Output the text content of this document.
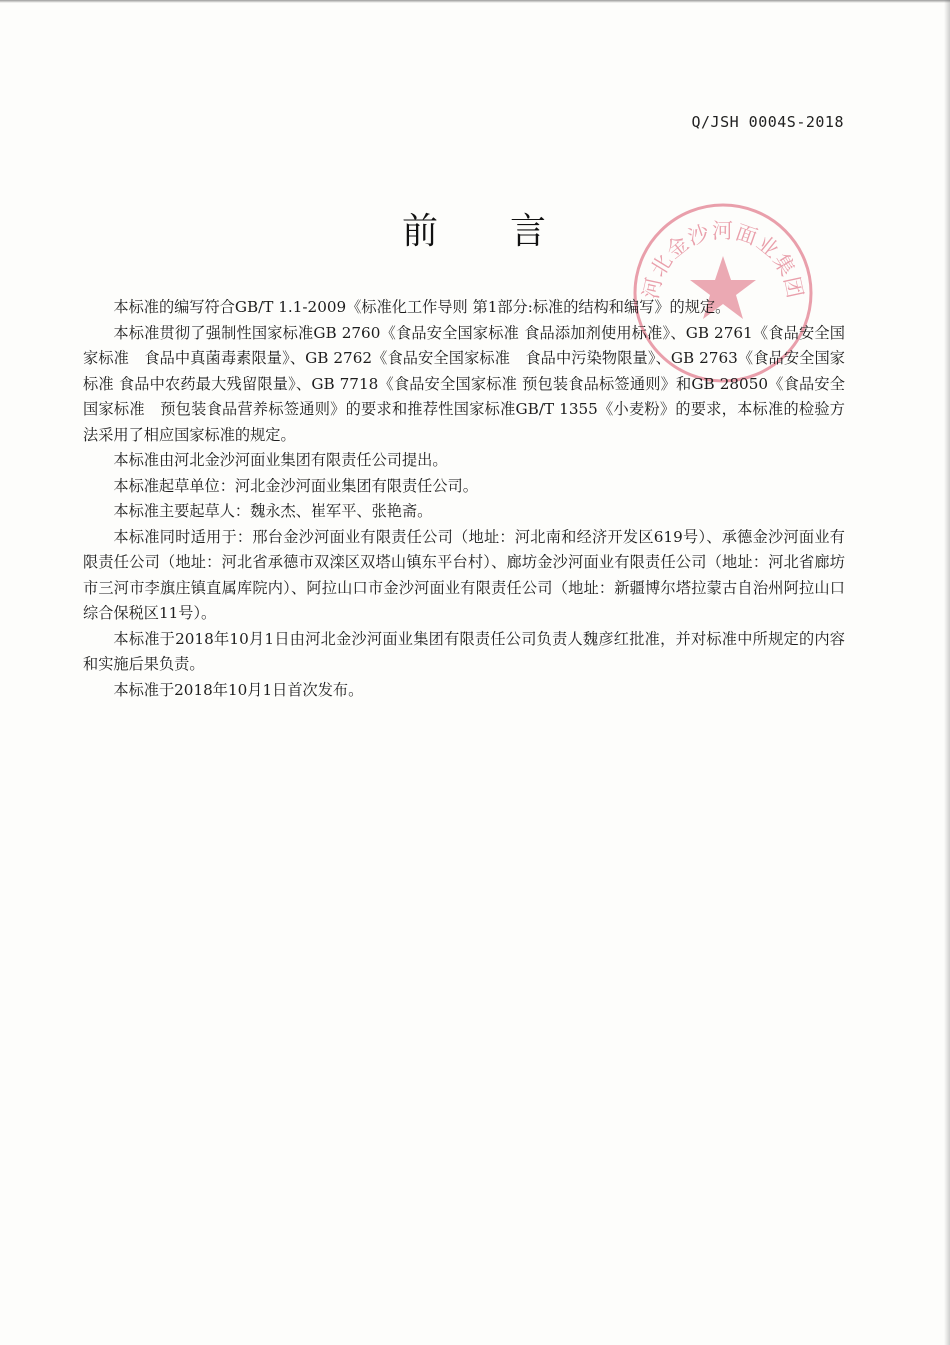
Q/JSH 0004S-2018
前 言
河北金沙河面业集团

本标准的编写符合GB/T 1.1-2009《标准化工作导则 第1部分:标准的结构和编写》的规定。

本标准贯彻了强制性国家标准GB 2760《食品安全国家标准 食品添加剂使用标准》、GB 2761《食品安全国家标准　食品中真菌毒素限量》、GB 2762《食品安全国家标准　食品中污染物限量》、GB 2763《食品安全国家标准 食品中农药最大残留限量》、GB 7718《食品安全国家标准 预包装食品标签通则》和GB 28050《食品安全国家标准　预包装食品营养标签通则》的要求和推荐性国家标准GB/T 1355《小麦粉》的要求，本标准的检验方法采用了相应国家标准的规定。

本标准由河北金沙河面业集团有限责任公司提出。

本标准起草单位：河北金沙河面业集团有限责任公司。

本标准主要起草人：魏永杰、崔军平、张艳斋。

本标准同时适用于：邢台金沙河面业有限责任公司（地址：河北南和经济开发区619号）、承德金沙河面业有限责任公司（地址：河北省承德市双滦区双塔山镇东平台村）、廊坊金沙河面业有限责任公司（地址：河北省廊坊市三河市李旗庄镇直属库院内）、阿拉山口市金沙河面业有限责任公司（地址：新疆博尔塔拉蒙古自治州阿拉山口综合保税区11号）。

本标准于2018年10月1日由河北金沙河面业集团有限责任公司负责人魏彦红批准，并对标准中所规定的内容和实施后果负责。

本标准于2018年10月1日首次发布。
